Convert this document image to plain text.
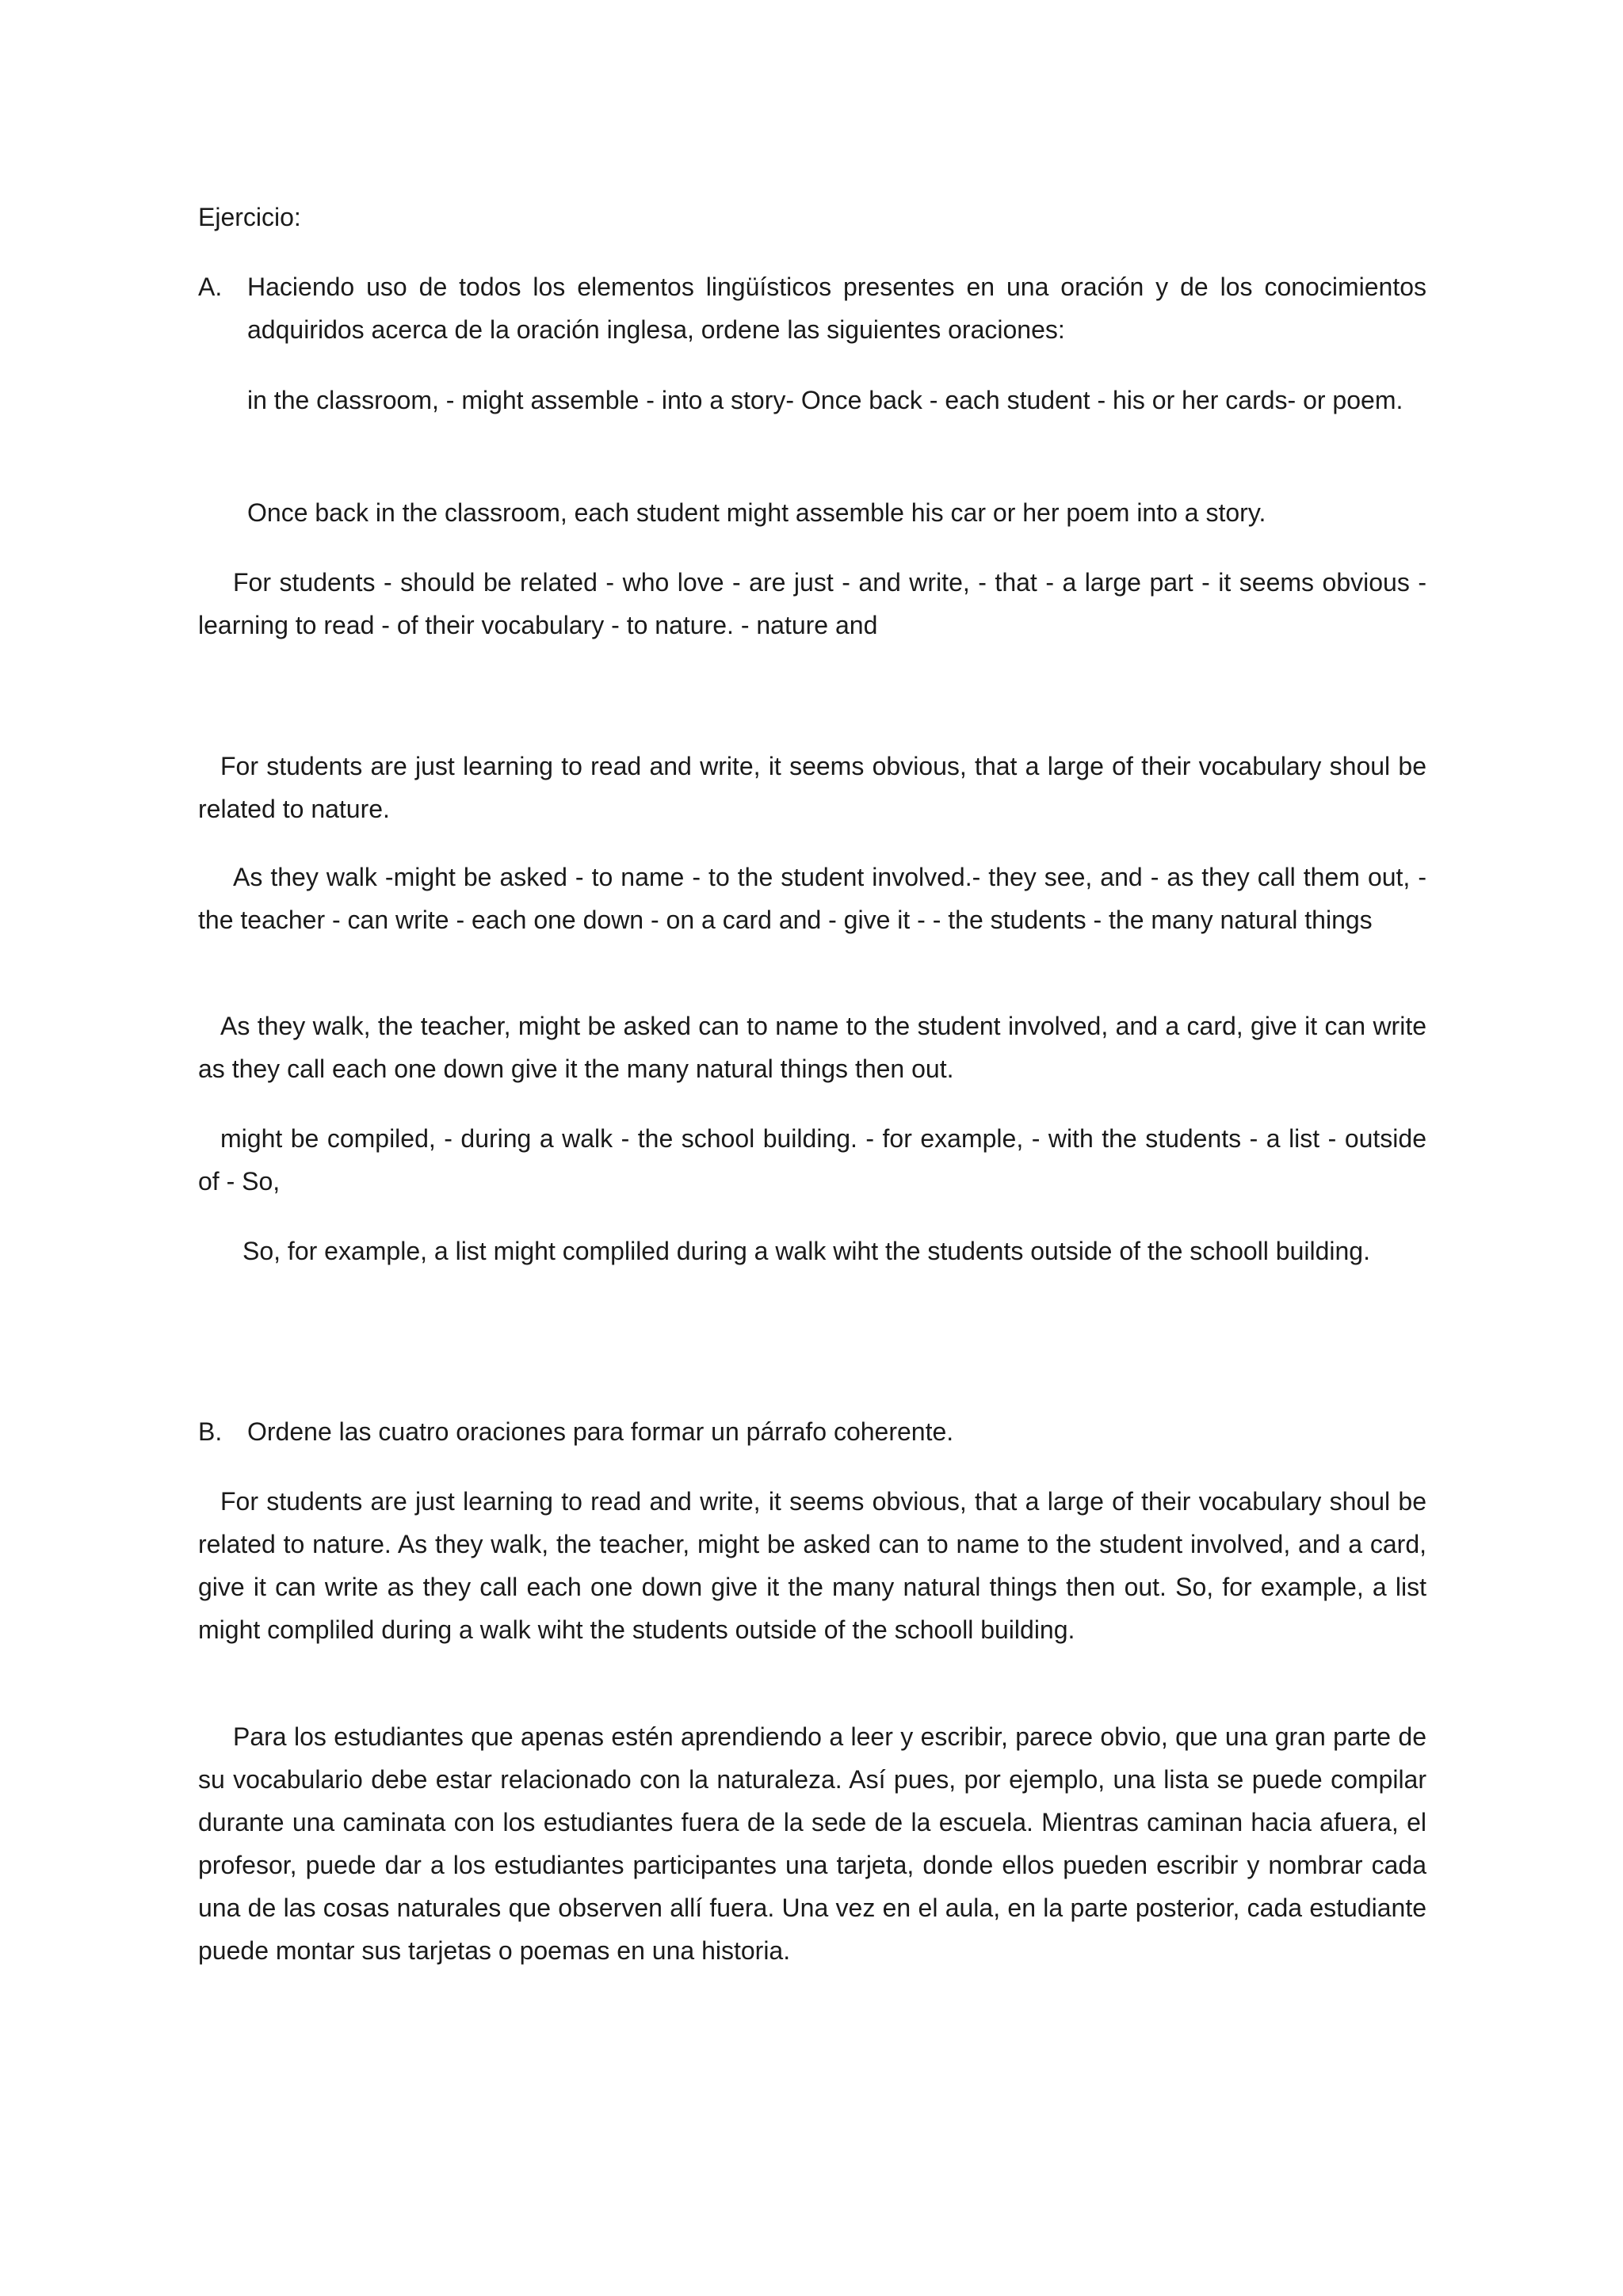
Ejercicio:

A. Haciendo uso de todos los elementos lingüísticos presentes en una oración y de los conocimientos adquiridos acerca de la oración inglesa, ordene las siguientes oraciones:

in the classroom, - might assemble - into a story- Once back - each student - his or her cards- or poem.

Once back in the classroom, each student might assemble his car or her poem into a story.

For students - should be related - who love - are just - and write, - that - a large part - it seems obvious - learning to read - of their vocabulary - to nature. - nature and

For students are just learning to read and write, it seems obvious, that a large of their vocabulary shoul be related to nature.

As they walk -might be asked - to name - to the student involved.- they see, and - as they call them out, - the teacher - can write - each one down - on a card and - give it - - the students - the many natural things

As they walk, the teacher, might be asked can to name to the student involved, and a card, give it can write as they call each one down give it the many natural things then out.

might be compiled, - during a walk - the school building. - for example, - with the students - a list - outside of - So,

So, for example, a list might compliled during a walk wiht the students outside of the schooll building.

B. Ordene las cuatro oraciones para formar un párrafo coherente.

For students are just learning to read and write, it seems obvious, that a large of their vocabulary shoul be related to nature. As they walk, the teacher, might be asked can to name to the student involved, and a card, give it can write as they call each one down give it the many natural things then out. So, for example, a list might compliled during a walk wiht the students outside of the schooll building.

Para los estudiantes que apenas estén aprendiendo a leer y escribir, parece obvio, que una gran parte de su vocabulario debe estar relacionado con la naturaleza. Así pues, por ejemplo, una lista se puede compilar durante una caminata con los estudiantes fuera de la sede de la escuela. Mientras caminan hacia afuera, el profesor, puede dar a los estudiantes participantes una tarjeta, donde ellos pueden escribir y nombrar cada una de las cosas naturales que observen allí fuera. Una vez en el aula, en la parte posterior, cada estudiante puede montar sus tarjetas o poemas en una historia.
